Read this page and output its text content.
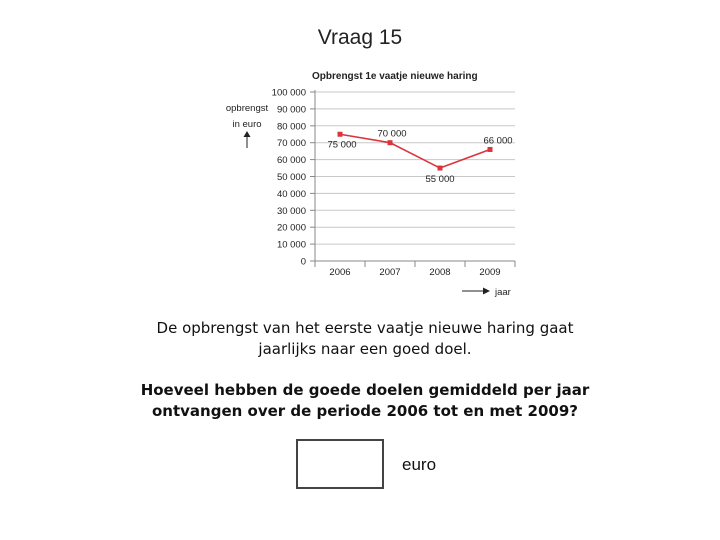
Vraag 15
Opbrengst 1e vaatje nieuwe haring
opbrengst
in euro
0
10 000
20 000
30 000
40 000
50 000
60 000
70 000
80 000
90 000
100 000
2006	2007	2008	2009
75 000
70 000
55 000
66 000
jaar
De opbrengst van het eerste vaatje nieuwe haring gaat jaarlijks naar een goed doel.
Hoeveel hebben de goede doelen gemiddeld per jaar ontvangen over de periode 2006 tot en met 2009?
euro
